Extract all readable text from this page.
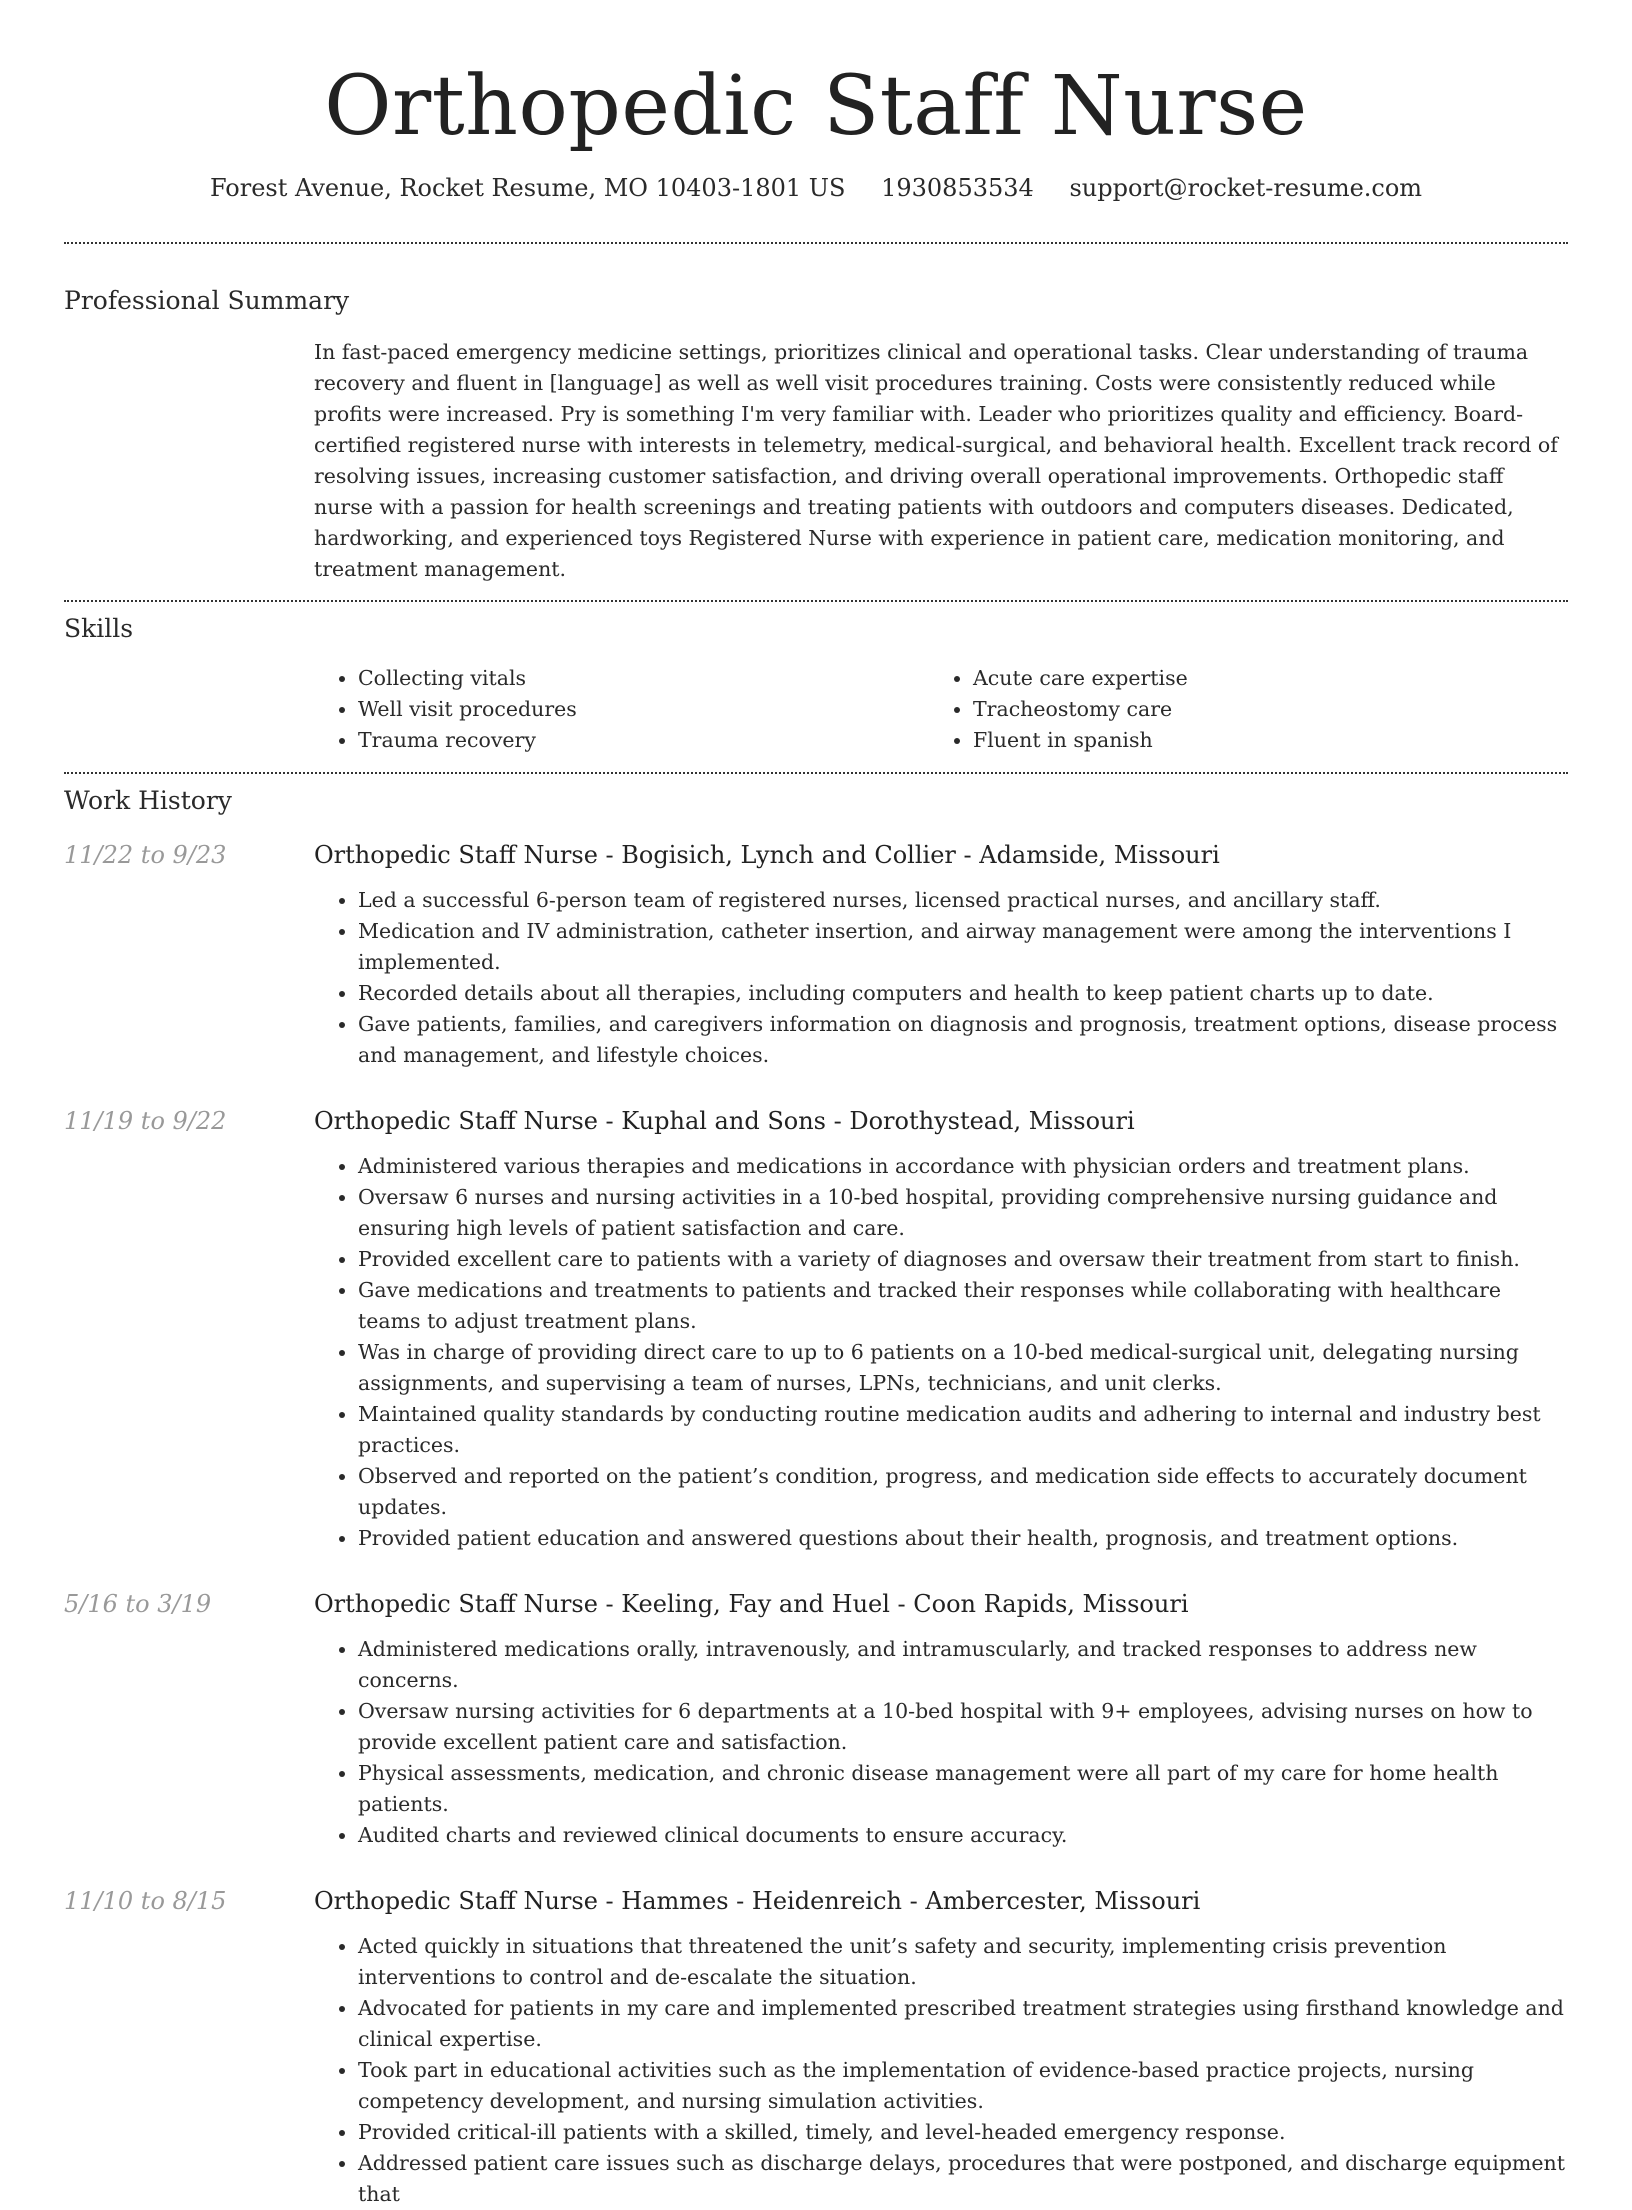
Orthopedic Staff Nurse
Forest Avenue, Rocket Resume, MO 10403-1801 US 1930853534 support@rocket-resume.com
Professional Summary
In fast-paced emergency medicine settings, prioritizes clinical and operational tasks. Clear understanding of trauma recovery and fluent in [language] as well as well visit procedures training. Costs were consistently reduced while profits were increased. Pry is something I'm very familiar with. Leader who prioritizes quality and efficiency. Board-certified registered nurse with interests in telemetry, medical-surgical, and behavioral health. Excellent track record of resolving issues, increasing customer satisfaction, and driving overall operational improvements. Orthopedic staff nurse with a passion for health screenings and treating patients with outdoors and computers diseases. Dedicated, hardworking, and experienced toys Registered Nurse with experience in patient care, medication monitoring, and treatment management.
Skills
• Collecting vitals
• Well visit procedures
• Trauma recovery
• Acute care expertise
• Tracheostomy care
• Fluent in spanish
Work History
11/22 to 9/23	Orthopedic Staff Nurse - Bogisich, Lynch and Collier - Adamside, Missouri
• Led a successful 6-person team of registered nurses, licensed practical nurses, and ancillary staff.
• Medication and IV administration, catheter insertion, and airway management were among the interventions I implemented.
• Recorded details about all therapies, including computers and health to keep patient charts up to date.
• Gave patients, families, and caregivers information on diagnosis and prognosis, treatment options, disease process and management, and lifestyle choices.
11/19 to 9/22	Orthopedic Staff Nurse - Kuphal and Sons - Dorothystead, Missouri
• Administered various therapies and medications in accordance with physician orders and treatment plans.
• Oversaw 6 nurses and nursing activities in a 10-bed hospital, providing comprehensive nursing guidance and ensuring high levels of patient satisfaction and care.
• Provided excellent care to patients with a variety of diagnoses and oversaw their treatment from start to finish.
• Gave medications and treatments to patients and tracked their responses while collaborating with healthcare teams to adjust treatment plans.
• Was in charge of providing direct care to up to 6 patients on a 10-bed medical-surgical unit, delegating nursing assignments, and supervising a team of nurses, LPNs, technicians, and unit clerks.
• Maintained quality standards by conducting routine medication audits and adhering to internal and industry best practices.
• Observed and reported on the patient’s condition, progress, and medication side effects to accurately document updates.
• Provided patient education and answered questions about their health, prognosis, and treatment options.
5/16 to 3/19	Orthopedic Staff Nurse - Keeling, Fay and Huel - Coon Rapids, Missouri
• Administered medications orally, intravenously, and intramuscularly, and tracked responses to address new concerns.
• Oversaw nursing activities for 6 departments at a 10-bed hospital with 9+ employees, advising nurses on how to provide excellent patient care and satisfaction.
• Physical assessments, medication, and chronic disease management were all part of my care for home health patients.
• Audited charts and reviewed clinical documents to ensure accuracy.
11/10 to 8/15	Orthopedic Staff Nurse - Hammes - Heidenreich - Ambercester, Missouri
• Acted quickly in situations that threatened the unit’s safety and security, implementing crisis prevention interventions to control and de-escalate the situation.
• Advocated for patients in my care and implemented prescribed treatment strategies using firsthand knowledge and clinical expertise.
• Took part in educational activities such as the implementation of evidence-based practice projects, nursing competency development, and nursing simulation activities.
• Provided critical-ill patients with a skilled, timely, and level-headed emergency response.
• Addressed patient care issues such as discharge delays, procedures that were postponed, and discharge equipment that
